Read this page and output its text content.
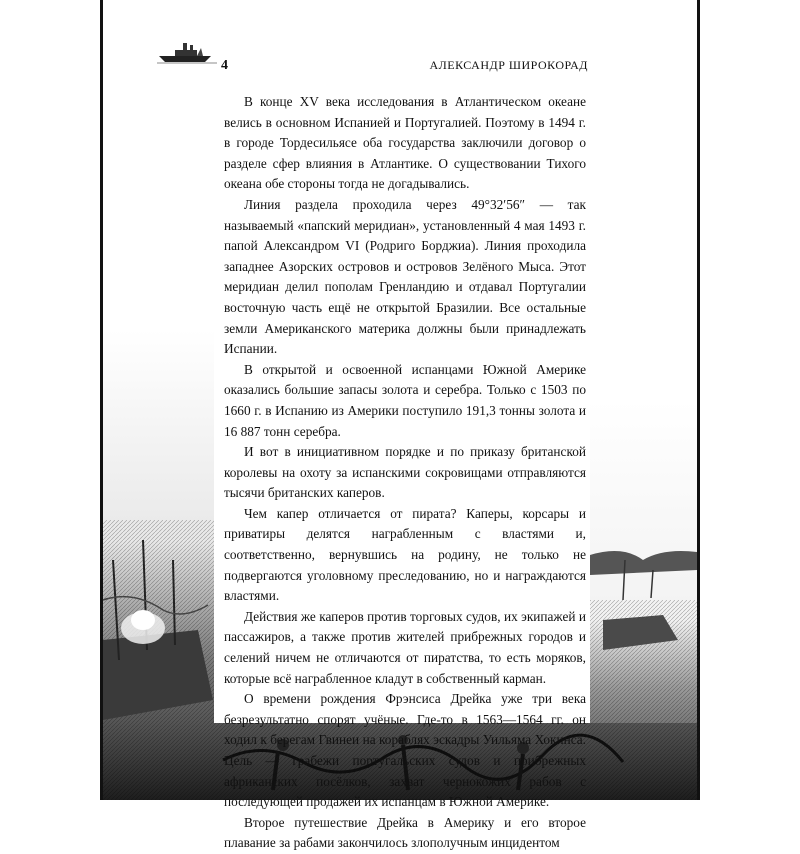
4	АЛЕКСАНДР ШИРОКОРАД

В конце XV века исследования в Атлантическом океане велись в основном Испанией и Португалией. Поэтому в 1494 г. в городе Тордесильясе оба государства заключили договор о разделе сфер влияния в Атлантике. О существовании Тихого океана обе стороны тогда не догадывались.

Линия раздела проходила через 49°32′56″ — так называемый «папский меридиан», установленный 4 мая 1493 г. папой Александром VI (Родриго Борджиа). Линия проходила западнее Азорских островов и островов Зелёного Мыса. Этот меридиан делил пополам Гренландию и отдавал Португалии восточную часть ещё не открытой Бразилии. Все остальные земли Американского материка должны были принадлежать Испании.

В открытой и освоенной испанцами Южной Америке оказались большие запасы золота и серебра. Только с 1503 по 1660 г. в Испанию из Америки поступило 191,3 тонны золота и 16 887 тонн серебра.

И вот в инициативном порядке и по приказу британской королевы на охоту за испанскими сокровищами отправляются тысячи британских каперов.

Чем капер отличается от пирата? Каперы, корсары и приватиры делятся награбленным с властями и, соответственно, вернувшись на родину, не только не подвергаются уголовному преследованию, но и награждаются властями.

Действия же каперов против торговых судов, их экипажей и пассажиров, а также против жителей прибрежных городов и селений ничем не отличаются от пиратства, то есть моряков, которые всё награбленное кладут в собственный карман.

О времени рождения Фрэнсиса Дрейка уже три века безрезультатно спорят учёные. Где-то в 1563—1564 гг. он ходил к берегам Гвинеи на кораблях эскадры Уильяма Хокинса. Цель — грабежи португальских судов и прибрежных африканских посёлков, захват чернокожих рабов с последующей продажей их испанцам в Южной Америке.

Второе путешествие Дрейка в Америку и его второе плавание за рабами закончилось злополучным инцидентом
